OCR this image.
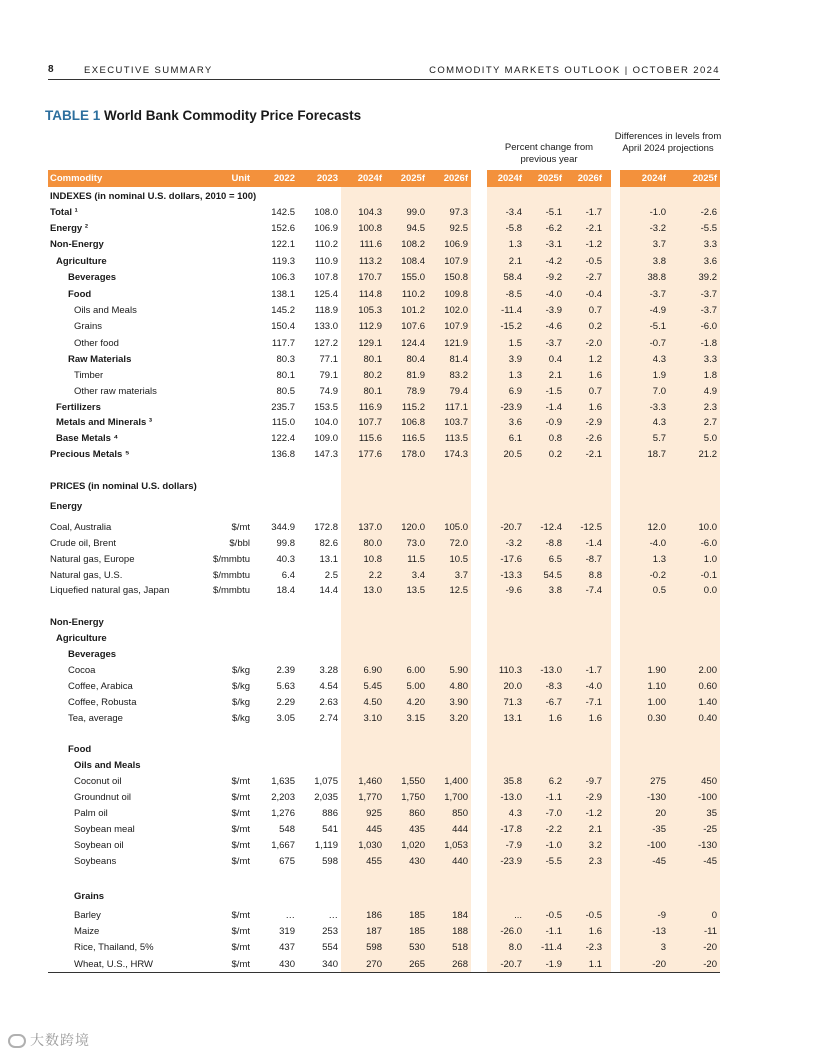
8	EXECUTIVE SUMMARY	COMMODITY MARKETS OUTLOOK | OCTOBER 2024
TABLE 1 World Bank Commodity Price Forecasts
Percent change from previous year
Differences in levels from April 2024 projections
Commodity	Unit	2022 2023 2024f 2025f 2026f	2024f 2025f 2026f	2024f	2025f
INDEXES (in nominal U.S. dollars, 2010 = 100)
Total ¹	142.5 108.0 104.3	99.0	97.3	-3.4 -5.1 -1.7	-1.0	-2.6
Energy ²	152.6 106.9 100.8	94.5	92.5	-5.8 -6.2 -2.1	-3.2	-5.5
Non-Energy	122.1 110.2 111.6 108.2 106.9	1.3 -3.1 -1.2	3.7	3.3
Agriculture	119.3 110.9 113.2 108.4 107.9	2.1 -4.2 -0.5	3.8	3.6
Beverages	106.3 107.8 170.7 155.0 150.8	58.4 -9.2 -2.7	38.8	39.2
Food	138.1 125.4 114.8 110.2 109.8	-8.5 -4.0 -0.4	-3.7	-3.7
Oils and Meals	145.2 118.9 105.3 101.2 102.0	-11.4 -3.9	0.7	-4.9	-3.7
Grains	150.4 133.0 112.9 107.6 107.9	-15.2 -4.6	0.2	-5.1	-6.0
Other food	117.7 127.2 129.1 124.4 121.9	1.5 -3.7 -2.0	-0.7	-1.8
Raw Materials	80.3	77.1	80.1	80.4	81.4	3.9	0.4	1.2	4.3	3.3
Timber	80.1	79.1	80.2	81.9	83.2	1.3	2.1	1.6	1.9	1.8
Other raw materials	80.5	74.9	80.1	78.9	79.4	6.9 -1.5	0.7	7.0	4.9
Fertilizers	235.7 153.5 116.9 115.2 117.1	-23.9 -1.4	1.6	-3.3	2.3
Metals and Minerals ³	115.0 104.0 107.7 106.8 103.7	3.6 -0.9 -2.9	4.3	2.7
Base Metals ⁴	122.4 109.0 115.6 116.5 113.5	6.1	0.8 -2.6	5.7	5.0
Precious Metals ⁵	136.8 147.3 177.6 178.0 174.3	20.5	0.2 -2.1	18.7	21.2
PRICES (in nominal U.S. dollars)
Energy
Coal, Australia	$/mt 344.9 172.8 137.0 120.0 105.0	-20.7 -12.4 -12.5	12.0	10.0
Crude oil, Brent	$/bbl	99.8	82.6	80.0	73.0	72.0	-3.2 -8.8 -1.4	-4.0	-6.0
Natural gas, Europe	$/mmbtu	40.3	13.1	10.8	11.5	10.5	-17.6	6.5 -8.7	1.3	1.0
Natural gas, U.S.	$/mmbtu	6.4	2.5	2.2	3.4	3.7	-13.3 54.5	8.8	-0.2	-0.1
Liquefied natural gas, Japan	$/mmbtu	18.4	14.4	13.0	13.5	12.5	-9.6	3.8 -7.4	0.5	0.0
Non-Energy
Agriculture
Beverages
Cocoa	$/kg	2.39	3.28	6.90	6.00	5.90	110.3 -13.0 -1.7	1.90	2.00
Coffee, Arabica	$/kg	5.63	4.54	5.45	5.00	4.80	20.0 -8.3 -4.0	1.10	0.60
Coffee, Robusta	$/kg	2.29	2.63	4.50	4.20	3.90	71.3 -6.7 -7.1	1.00	1.40
Tea, average	$/kg	3.05	2.74	3.10	3.15	3.20	13.1	1.6	1.6	0.30	0.40
Food
Oils and Meals
Coconut oil	$/mt 1,635 1,075 1,460 1,550 1,400	35.8	6.2 -9.7	275	450
Groundnut oil	$/mt 2,203 2,035 1,770 1,750 1,700	-13.0 -1.1 -2.9	-130	-100
Palm oil	$/mt 1,276	886	925	860	850	4.3 -7.0 -1.2	20	35
Soybean meal	$/mt	548	541	445	435	444	-17.8 -2.2	2.1	-35	-25
Soybean oil	$/mt 1,667 1,119 1,030 1,020 1,053	-7.9 -1.0	3.2	-100	-130
Soybeans	$/mt	675	598	455	430	440	-23.9 -5.5	2.3	-45	-45
Grains
Barley	$/mt	…	…	186	185	184	... -0.5 -0.5	-9	0
Maize	$/mt	319	253	187	185	188	-26.0 -1.1	1.6	-13	-11
Rice, Thailand, 5%	$/mt	437	554	598	530	518	8.0 -11.4 -2.3	3	-20
Wheat, U.S., HRW	$/mt	430	340	270	265	268	-20.7 -1.9	1.1	-20	-20
大数跨境
